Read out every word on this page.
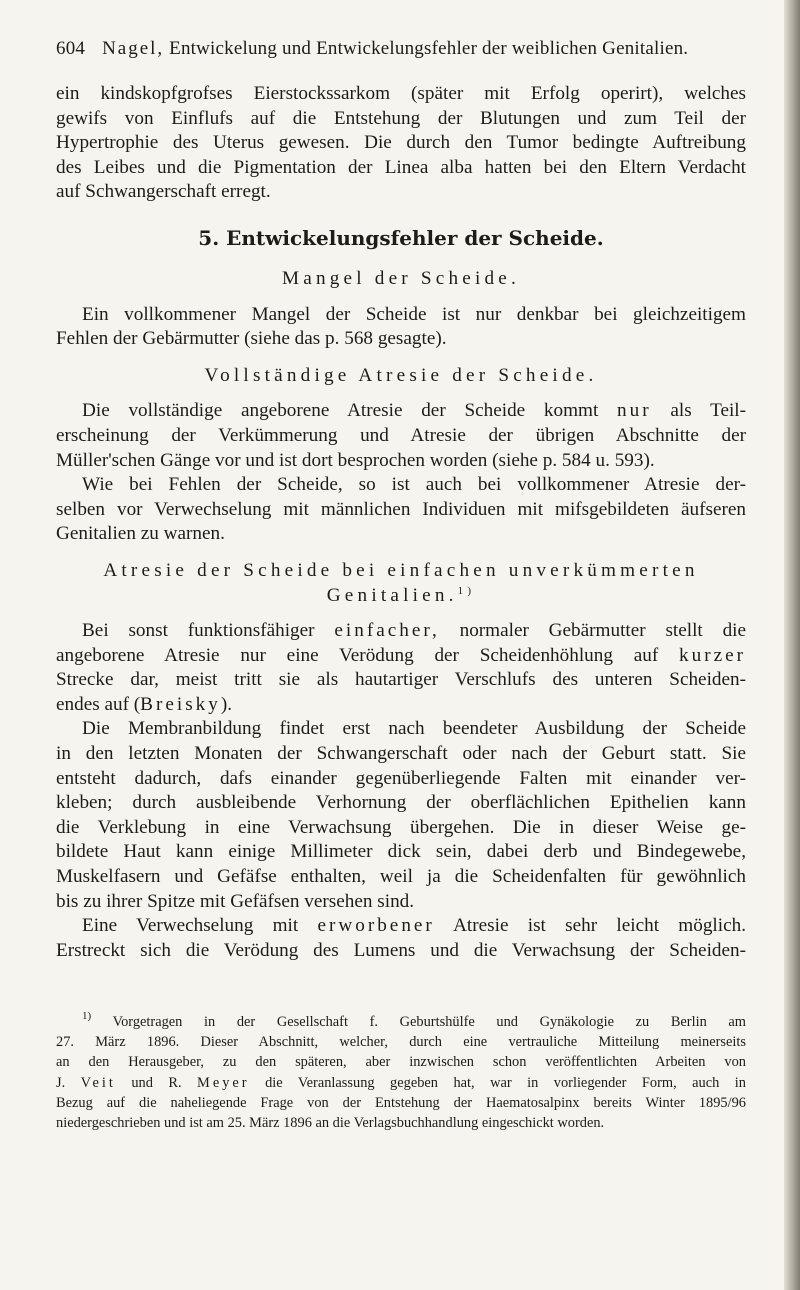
604 Nagel, Entwickelung und Entwickelungsfehler der weiblichen Genitalien.
ein kindskopfgrofses Eierstockssarkom (später mit Erfolg operirt), welches
gewifs von Einflufs auf die Entstehung der Blutungen und zum Teil der
Hypertrophie des Uterus gewesen. Die durch den Tumor bedingte Auftreibung
des Leibes und die Pigmentation der Linea alba hatten bei den Eltern Verdacht
auf Schwangerschaft erregt.
5. Entwickelungsfehler der Scheide.
Mangel der Scheide.
Ein vollkommener Mangel der Scheide ist nur denkbar bei gleichzeitigem
Fehlen der Gebärmutter (siehe das p. 568 gesagte).
Vollständige Atresie der Scheide.
Die vollständige angeborene Atresie der Scheide kommt nur als Teil-
erscheinung der Verkümmerung und Atresie der übrigen Abschnitte der
Müller'schen Gänge vor und ist dort besprochen worden (siehe p. 584 u. 593).
Wie bei Fehlen der Scheide, so ist auch bei vollkommener Atresie der-
selben vor Verwechselung mit männlichen Individuen mit mifsgebildeten äufseren
Genitalien zu warnen.
Atresie der Scheide bei einfachen unverkümmerten
Genitalien.$^{1)}$
Bei sonst funktionsfähiger einfacher, normaler Gebärmutter stellt die
angeborene Atresie nur eine Verödung der Scheidenhöhlung auf kurzer
Strecke dar, meist tritt sie als hautartiger Verschlufs des unteren Scheiden-
endes auf (Breisky).
Die Membranbildung findet erst nach beendeter Ausbildung der Scheide
in den letzten Monaten der Schwangerschaft oder nach der Geburt statt. Sie
entsteht dadurch, dafs einander gegenüberliegende Falten mit einander ver-
kleben; durch ausbleibende Verhornung der oberflächlichen Epithelien kann
die Verklebung in eine Verwachsung übergehen. Die in dieser Weise ge-
bildete Haut kann einige Millimeter dick sein, dabei derb und Bindegewebe,
Muskelfasern und Gefäfse enthalten, weil ja die Scheidenfalten für gewöhnlich
bis zu ihrer Spitze mit Gefäfsen versehen sind.
Eine Verwechselung mit erworbener Atresie ist sehr leicht möglich.
Erstreckt sich die Verödung des Lumens und die Verwachsung der Scheiden-
$^{1)}$ Vorgetragen in der Gesellschaft f. Geburtshülfe und Gynäkologie zu Berlin am
27. März 1896. Dieser Abschnitt, welcher, durch eine vertrauliche Mitteilung meinerseits
an den Herausgeber, zu den späteren, aber inzwischen schon veröffentlichten Arbeiten von
J. Veit und R. Meyer die Veranlassung gegeben hat, war in vorliegender Form, auch in
Bezug auf die naheliegende Frage von der Entstehung der Haematosalpinx bereits Winter 1895/96
niedergeschrieben und ist am 25. März 1896 an die Verlagsbuchhandlung eingeschickt worden.
